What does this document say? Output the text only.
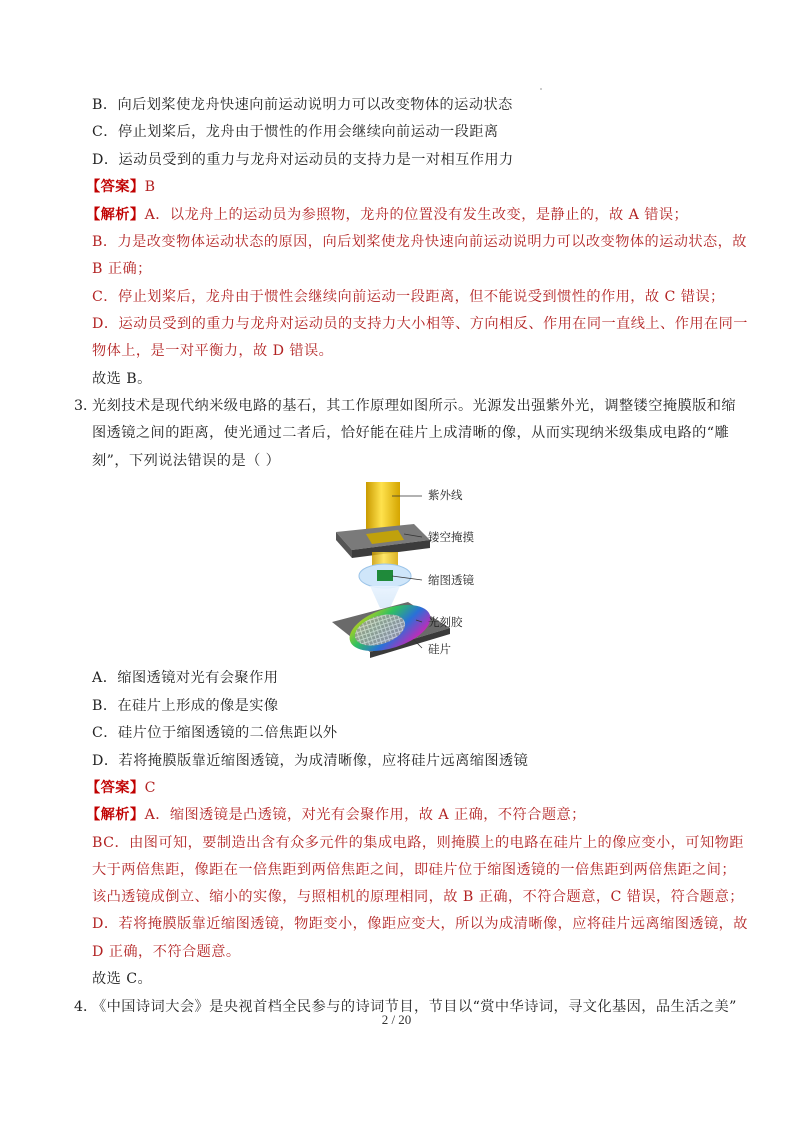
B．向后划桨使龙舟快速向前运动说明力可以改变物体的运动状态
C．停止划桨后，龙舟由于惯性的作用会继续向前运动一段距离
D．运动员受到的重力与龙舟对运动员的支持力是一对相互作用力
【答案】B
【解析】A．以龙舟上的运动员为参照物，龙舟的位置没有发生改变，是静止的，故 A 错误；
B．力是改变物体运动状态的原因，向后划桨使龙舟快速向前运动说明力可以改变物体的运动状态，故
B 正确；
C．停止划桨后，龙舟由于惯性会继续向前运动一段距离，但不能说受到惯性的作用，故 C 错误；
D．运动员受到的重力与龙舟对运动员的支持力大小相等、方向相反、作用在同一直线上、作用在同一
物体上，是一对平衡力，故 D 错误。
故选 B。
3．
光刻技术是现代纳米级电路的基石，其工作原理如图所示。光源发出强紫外光，调整镂空掩膜版和缩
图透镜之间的距离，使光通过二者后，恰好能在硅片上成清晰的像，从而实现纳米级集成电路的“雕
刻”，下列说法错误的是（ ）
紫外线
镂空掩摸
缩图透镜
光刻胶
硅片
A．缩图透镜对光有会聚作用
B．在硅片上形成的像是实像
C．硅片位于缩图透镜的二倍焦距以外
D．若将掩膜版靠近缩图透镜，为成清晰像，应将硅片远离缩图透镜
【答案】C
【解析】A．缩图透镜是凸透镜，对光有会聚作用，故 A 正确，不符合题意；
BC．由图可知，要制造出含有众多元件的集成电路，则掩膜上的电路在硅片上的像应变小，可知物距
大于两倍焦距，像距在一倍焦距到两倍焦距之间，即硅片位于缩图透镜的一倍焦距到两倍焦距之间；
该凸透镜成倒立、缩小的实像，与照相机的原理相同，故 B 正确，不符合题意，C 错误，符合题意；
D．若将掩膜版靠近缩图透镜，物距变小，像距应变大，所以为成清晰像，应将硅片远离缩图透镜，故
D 正确，不符合题意。
故选 C。
4．
《中国诗词大会》是央视首档全民参与的诗词节目，节目以“赏中华诗词，寻文化基因，品生活之美”
2 / 20
